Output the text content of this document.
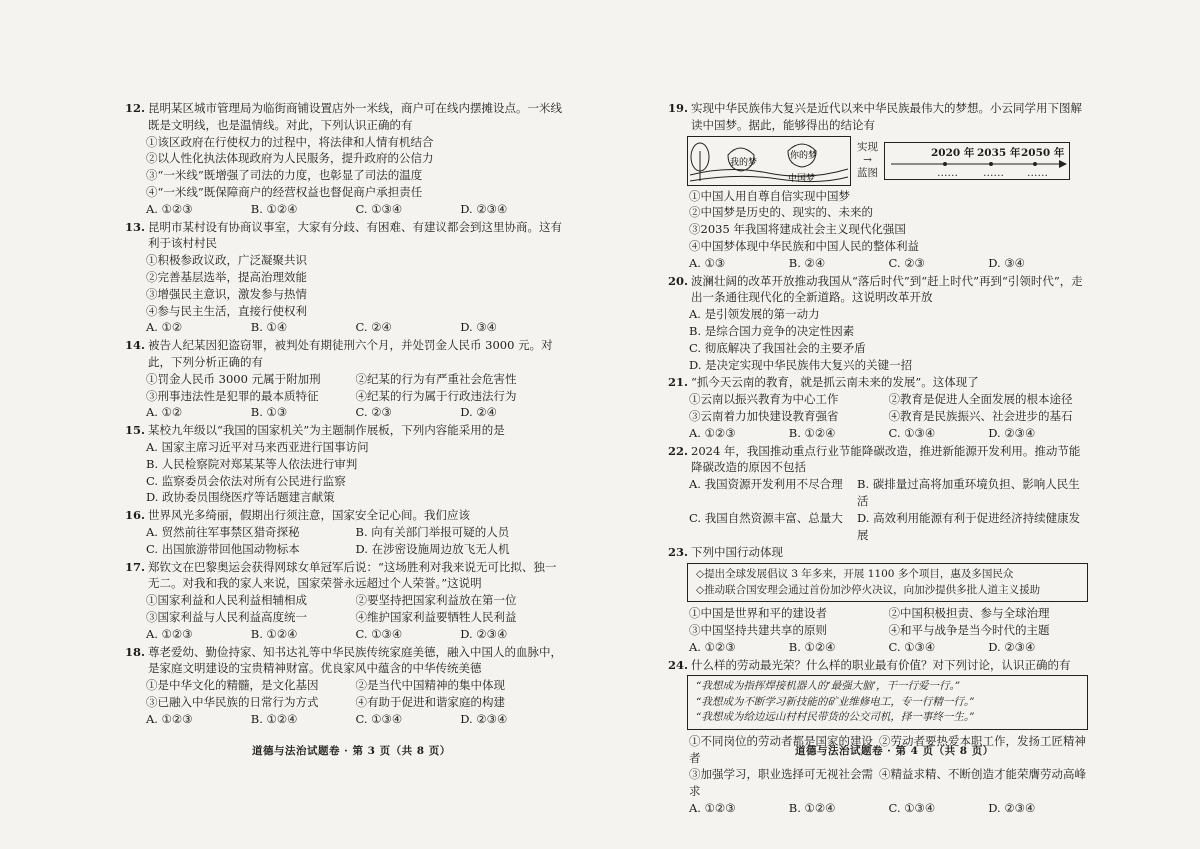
12. 昆明某区城市管理局为临街商铺设置店外一米线，商户可在线内摆摊设点。一米线既是文明线，也是温情线。对此，下列认识正确的有
①该区政府在行使权力的过程中，将法律和人情有机结合
②以人性化执法体现政府为人民服务，提升政府的公信力
③“一米线”既增强了司法的力度，也彰显了司法的温度
④“一米线”既保障商户的经营权益也督促商户承担责任
A. ①②③	B. ①②④	C. ①③④	D. ②③④
13. 昆明市某村设有协商议事室，大家有分歧、有困难、有建议都会到这里协商。这有利于该村村民
①积极参政议政，广泛凝聚共识
②完善基层选举，提高治理效能
③增强民主意识，激发参与热情
④参与民主生活，直接行使权利
A. ①②	B. ①④	C. ②④	D. ③④
14. 被告人纪某因犯盗窃罪，被判处有期徒刑六个月，并处罚金人民币 3000 元。对此，下列分析正确的有
①罚金人民币 3000 元属于附加刑	②纪某的行为有严重社会危害性
③刑事违法性是犯罪的最本质特征	④纪某的行为属于行政违法行为
A. ①②	B. ①③	C. ②③	D. ②④
15. 某校九年级以“我国的国家机关”为主题制作展板，下列内容能采用的是
A. 国家主席习近平对马来西亚进行国事访问
B. 人民检察院对郑某某等人依法进行审判
C. 监察委员会依法对所有公民进行监察
D. 政协委员围绕医疗等话题建言献策
16. 世界风光多绮丽，假期出行须注意，国家安全记心间。我们应该
A. 贸然前往军事禁区猎奇探秘	B. 向有关部门举报可疑的人员
C. 出国旅游带回他国动物标本	D. 在涉密设施周边放飞无人机
17. 郑钦文在巴黎奥运会获得网球女单冠军后说：“这场胜利对我来说无可比拟、独一无二。对我和我的家人来说，国家荣誉永远超过个人荣誉。”这说明
①国家利益和人民利益相辅相成	②要坚持把国家利益放在第一位
③国家利益与人民利益高度统一	④维护国家利益要牺牲人民利益
A. ①②③	B. ①②④	C. ①③④	D. ②③④
18. 尊老爱幼、勤俭持家、知书达礼等中华民族传统家庭美德，融入中国人的血脉中，是家庭文明建设的宝贵精神财富。优良家风中蕴含的中华传统美德
①是中华文化的精髓，是文化基因	②是当代中国精神的集中体现
③已融入中华民族的日常行为方式	④有助于促进和谐家庭的构建
A. ①②③	B. ①②④	C. ①③④	D. ②③④
道德与法治试题卷 · 第 3 页（共 8 页）
19. 实现中华民族伟大复兴是近代以来中华民族最伟大的梦想。小云同学用下图解读中国梦。据此，能够得出的结论有
我的梦
你的梦
中国梦
实现
→
蓝图
2020 年 2035 年 2050 年
…… …… ……
①中国人用自尊自信实现中国梦
②中国梦是历史的、现实的、未来的
③2035 年我国将建成社会主义现代化强国
④中国梦体现中华民族和中国人民的整体利益
A. ①③	B. ②④	C. ②③	D. ③④
20. 波澜壮阔的改革开放推动我国从“落后时代”到“赶上时代”再到“引领时代”，走出一条通往现代化的全新道路。这说明改革开放
A. 是引领发展的第一动力
B. 是综合国力竞争的决定性因素
C. 彻底解决了我国社会的主要矛盾
D. 是决定实现中华民族伟大复兴的关键一招
21. “抓今天云南的教育，就是抓云南未来的发展”。这体现了
①云南以振兴教育为中心工作	②教育是促进人全面发展的根本途径
③云南着力加快建设教育强省	④教育是民族振兴、社会进步的基石
A. ①②③	B. ①②④	C. ①③④	D. ②③④
22. 2024 年，我国推动重点行业节能降碳改造，推进新能源开发利用。推动节能降碳改造的原因不包括
A. 我国资源开发利用不尽合理	B. 碳排量过高将加重环境负担、影响人民生活
C. 我国自然资源丰富、总量大	D. 高效利用能源有利于促进经济持续健康发展
23. 下列中国行动体现
◇提出全球发展倡议 3 年多来，开展 1100 多个项目，惠及多国民众
◇推动联合国安理会通过首份加沙停火决议，向加沙提供多批人道主义援助
①中国是世界和平的建设者	②中国积极担责、参与全球治理
③中国坚持共建共享的原则	④和平与战争是当今时代的主题
A. ①②③	B. ①②④	C. ①③④	D. ②③④
24. 什么样的劳动最光荣？什么样的职业最有价值？对下列讨论，认识正确的有
“我想成为指挥焊接机器人的‘最强大脑’，干一行爱一行。”
“我想成为不断学习新技能的矿业维修电工，专一行精一行。”
“我想成为给边远山村村民带货的公交司机，择一事终一生。”
①不同岗位的劳动者都是国家的建设者
②劳动者要热爱本职工作，发扬工匠精神
③加强学习，职业选择可无视社会需求
④精益求精、不断创造才能荣膺劳动高峰
A. ①②③	B. ①②④	C. ①③④	D. ②③④
道德与法治试题卷 · 第 4 页（共 8 页）
